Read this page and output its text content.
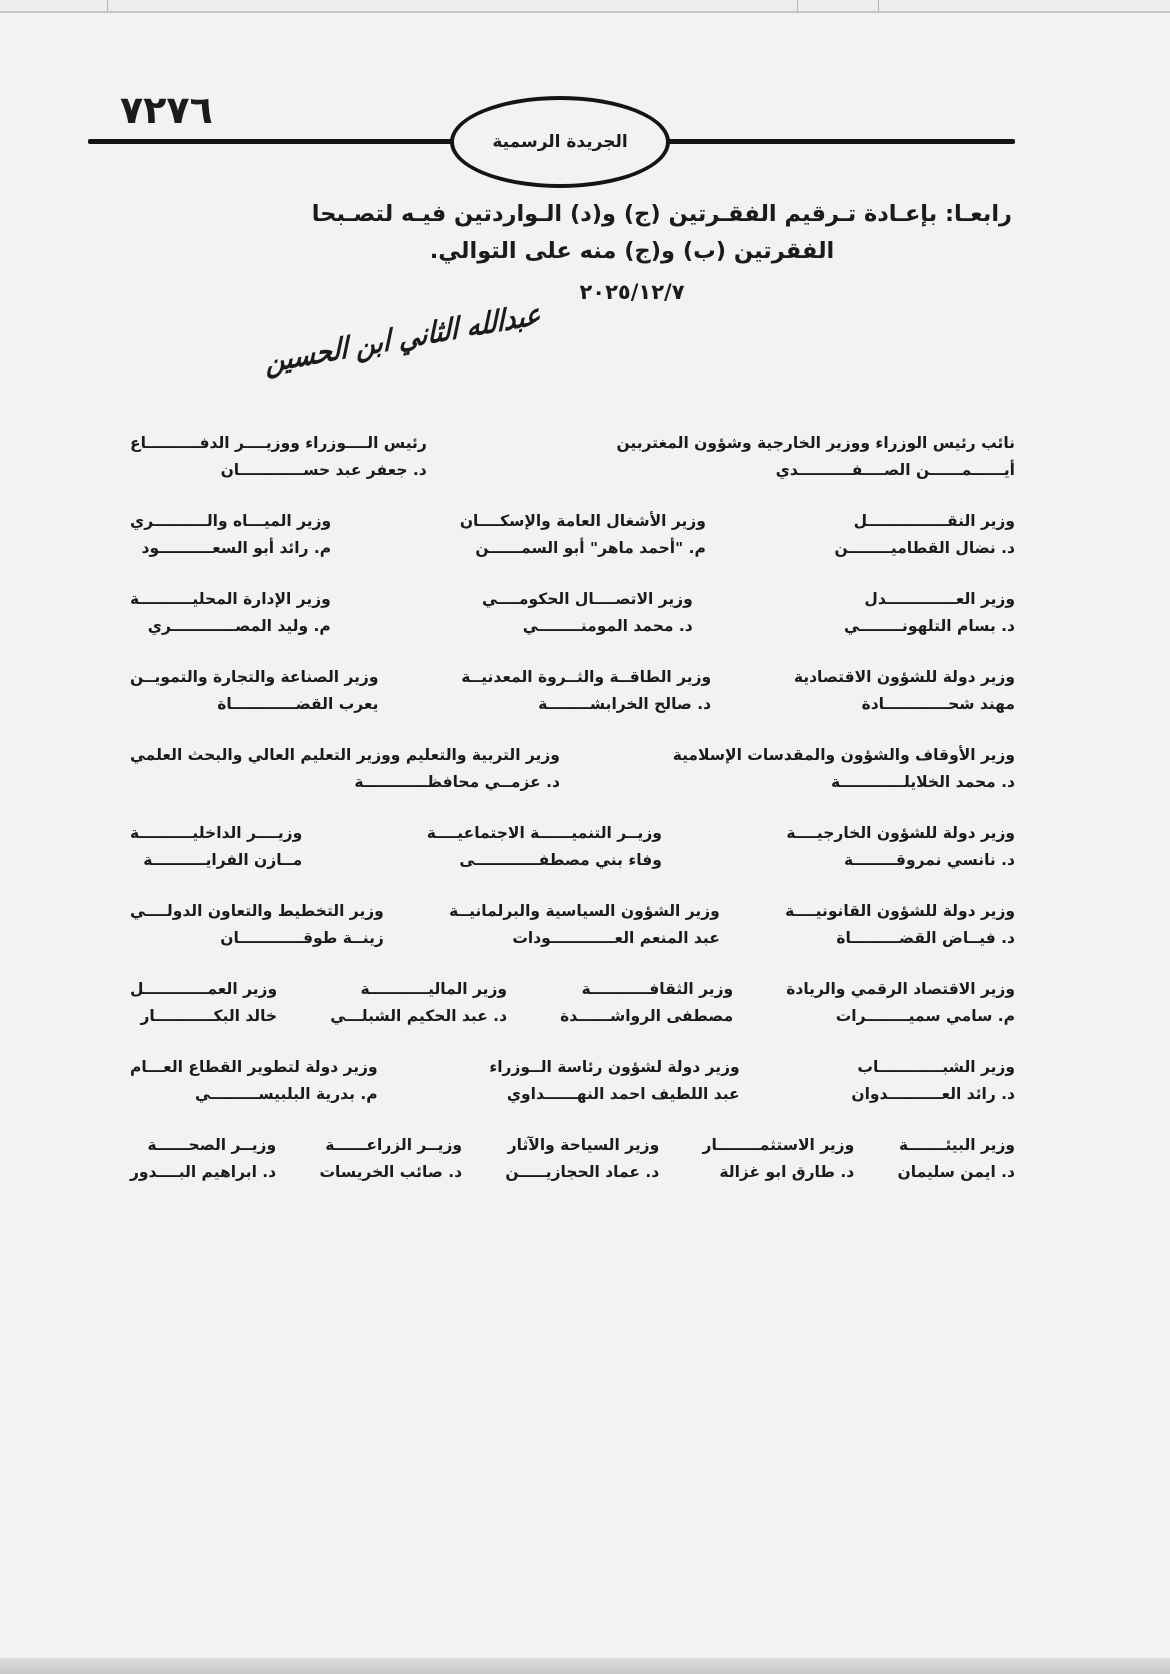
٧٢٧٦
الجريدة الرسمية
رابعـا: بإعـادة تـرقيم الفقـرتين (ج) و(د) الـواردتين فيـه لتصـبحا
الفقرتين (ب) و(ج) منه على التوالي.
٢٠٢٥/١٢/٧
عبدالله الثاني ابن الحسين
نائب رئيس الوزراء ووزير الخارجية وشؤون المغتربين
أيــــــمــــــن الصــــفــــــــــدي
رئيس الــــوزراء ووزيــــر الدفــــــــــاع
د. جعفر عبد حســــــــــــان
وزير النقـــــــــــــــل
د. نضال القطاميــــــــن
وزير الأشغال العامة والإسكــــان
م. "أحمد ماهر" أبو السمــــــن
وزير الميـــاه والــــــــــري
م. رائد أبو السعــــــــــود
وزير العـــــــــــــدل
د. بسام التلهونــــــــي
وزير الاتصــــال الحكومــــي
د. محمد المومنــــــــي
وزير الإدارة المحليــــــــــة
م. وليد المصــــــــــــري
وزير دولة للشؤون الاقتصادية
مهند شحــــــــــــادة
وزير الطاقــة والثــروة المعدنيــة
د. صالح الخرابشــــــــة
وزير الصناعة والتجارة والتمويــن
يعرب القضــــــــــــاة
وزير الأوقاف والشؤون والمقدسات الإسلامية
د. محمد الخلايلــــــــــــة
وزير التربية والتعليم ووزير التعليم العالي والبحث العلمي
د. عزمــي محافظــــــــــــة
وزير دولة للشؤون الخارجيــــة
د. نانسي نمروقــــــــة
وزيــر التنميــــــة الاجتماعيــــة
وفاء بني مصطفــــــــــــى
وزيــــر الداخليــــــــــة
مــازن الفرايــــــــــة
وزير دولة للشؤون القانونيــــة
د. فيــاض القضـــــــــاة
وزير الشؤون السياسية والبرلمانيــة
عبد المنعم العــــــــــــودات
وزير التخطيط والتعاون الدولــــي
زينــة طوقــــــــــــان
وزير الاقتصاد الرقمي والريادة
م. سامي سميــــــــرات
وزير الثقافـــــــــــة
مصطفى الرواشــــــدة
وزير الماليـــــــــــة
د. عبد الحكيم الشبلـــي
وزير العمــــــــــــل
خالد البكـــــــــــار
وزير الشبــــــــــــاب
د. رائد العــــــــــدوان
وزير دولة لشؤون رئاسة الــوزراء
عبد اللطيف احمد النهــــــداوي
وزير دولة لتطوير القطاع العـــام
م. بدرية البلبيســـــــــي
وزير البيئـــــــة
د. ايمن سليمان
وزير الاستثمــــــــار
د. طارق ابو غزالة
وزير السياحة والآثار
د. عماد الحجازيـــــن
وزيــر الزراعــــــة
د. صائب الخريسات
وزيــر الصحــــــة
د. ابراهيم البــــدور
